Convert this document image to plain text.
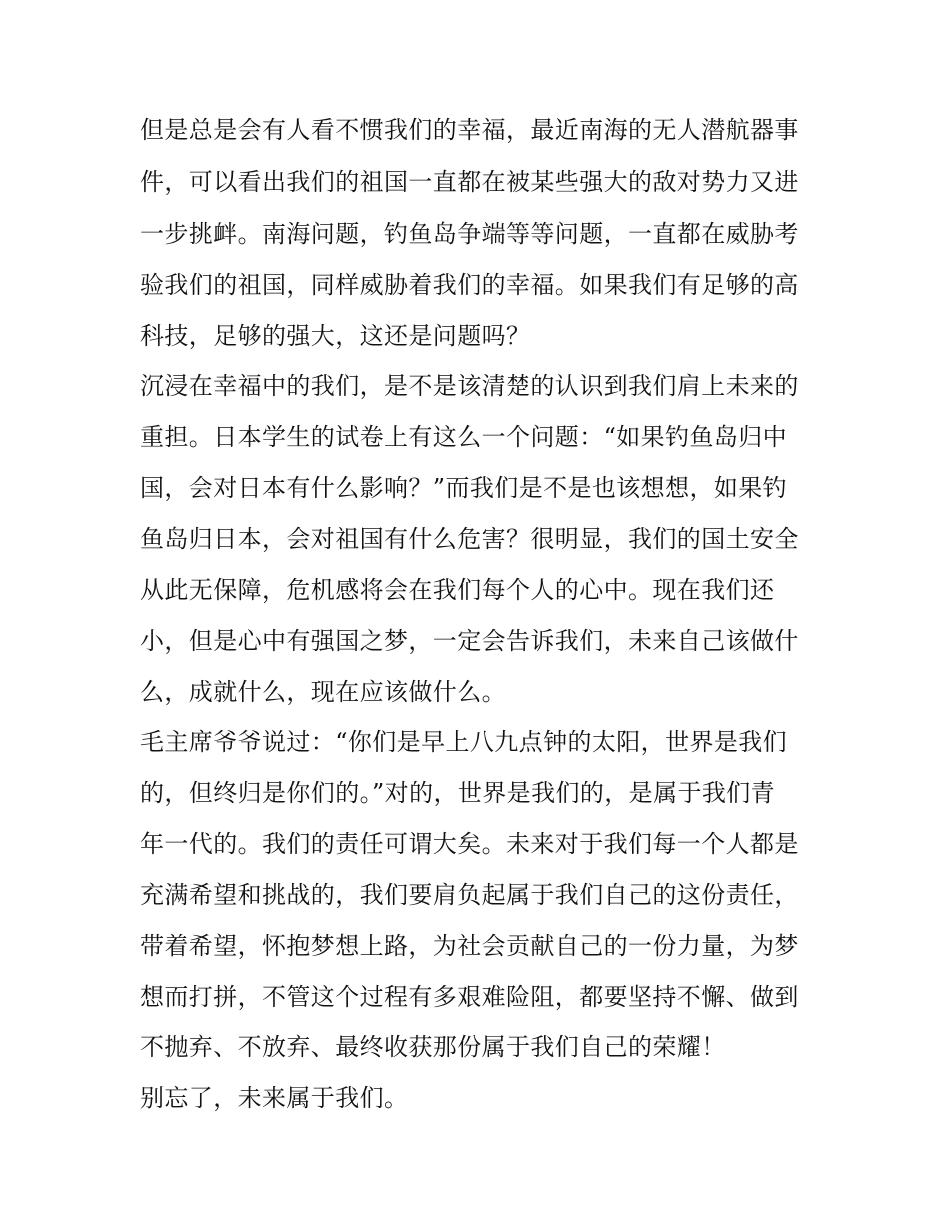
但是总是会有人看不惯我们的幸福，最近南海的无人潜航器事

件，可以看出我们的祖国一直都在被某些强大的敌对势力又进

一步挑衅。南海问题，钓鱼岛争端等等问题，一直都在威胁考

验我们的祖国，同样威胁着我们的幸福。如果我们有足够的高

科技，足够的强大，这还是问题吗？

沉浸在幸福中的我们，是不是该清楚的认识到我们肩上未来的

重担。日本学生的试卷上有这么一个问题：“如果钓鱼岛归中

国，会对日本有什么影响？”而我们是不是也该想想，如果钓

鱼岛归日本，会对祖国有什么危害？很明显，我们的国土安全

从此无保障，危机感将会在我们每个人的心中。现在我们还

小，但是心中有强国之梦，一定会告诉我们，未来自己该做什

么，成就什么，现在应该做什么。

毛主席爷爷说过：“你们是早上八九点钟的太阳，世界是我们

的，但终归是你们的。”对的，世界是我们的，是属于我们青

年一代的。我们的责任可谓大矣。未来对于我们每一个人都是

充满希望和挑战的，我们要肩负起属于我们自己的这份责任，

带着希望，怀抱梦想上路，为社会贡献自己的一份力量，为梦

想而打拼，不管这个过程有多艰难险阻，都要坚持不懈、做到

不抛弃、不放弃、最终收获那份属于我们自己的荣耀！

别忘了，未来属于我们。
